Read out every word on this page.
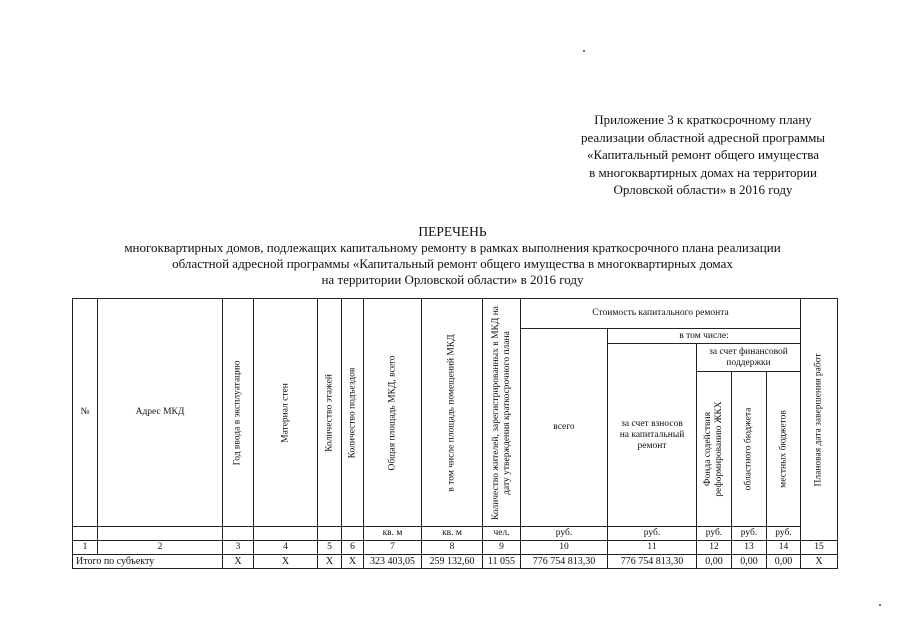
Приложение 3 к краткосрочному плану
реализации областной адресной программы
«Капитальный ремонт общего имущества
в многоквартирных домах на территории
Орловской области» в 2016 году
ПЕРЕЧЕНЬ
многоквартирных домов, подлежащих капитальному ремонту в рамках выполнения краткосрочного плана реализации
областной адресной программы «Капитальный ремонт общего имущества в многоквартирных домах
на территории Орловской области» в 2016 году
№	Адрес МКД	Год ввода в эксплуатацию	Материал стен	Количество этажей	Количество подъездов	Общая площадь МКД, всего	в том числе площадь помещений МКД	Количество жителей, зарегистрированных в МКД на дату утверждения краткосрочного плана	Стоимость капитального ремонта					Плановая дата завершения работ

									всего	в том числе:				
										за счет взносов на капитальный ремонт	за счет финансовой поддержки			

											Фонда содействия реформированию ЖКХ	областного бюджета	местных бюджетов	

						кв. м	кв. м	чел.	руб.	руб.	руб.	руб.	руб.	
1	2	3	4	5	6	7	8	9	10	11	12	13	14	15
Итого по субъекту		X	X	X	X	323 403,05	259 132,60	11 055	776 754 813,30	776 754 813,30	0,00	0,00	0,00	X
